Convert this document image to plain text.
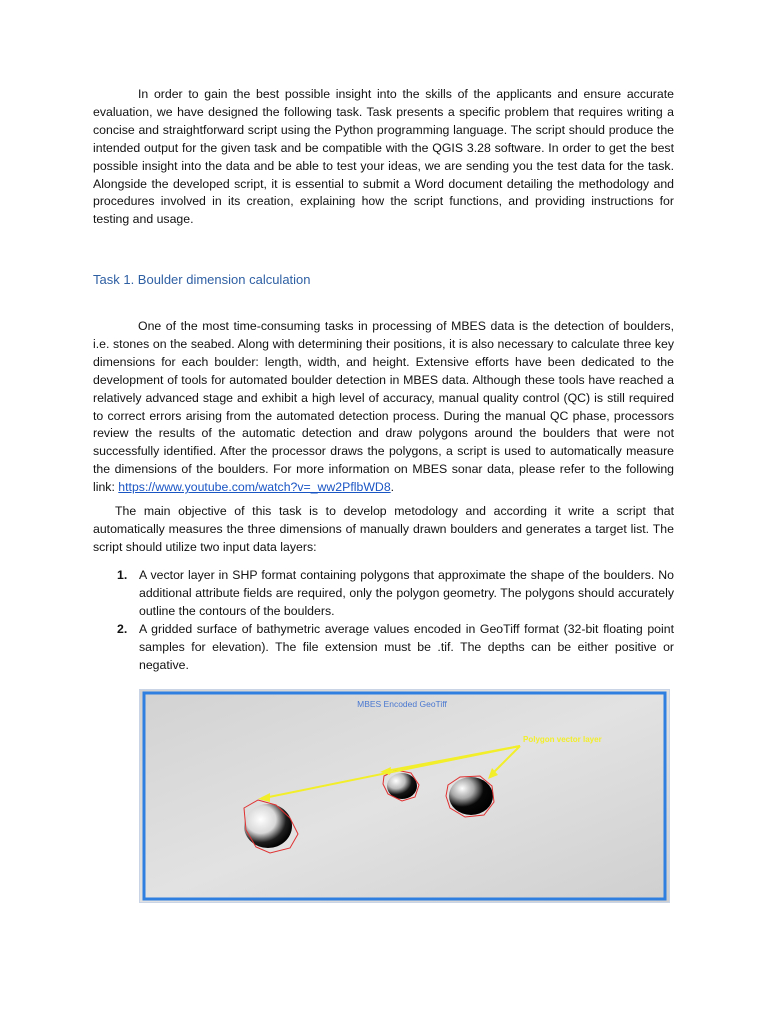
In order to gain the best possible insight into the skills of the applicants and ensure accurate evaluation, we have designed the following task. Task presents a specific problem that requires writing a concise and straightforward script using the Python programming language. The script should produce the intended output for the given task and be compatible with the QGIS 3.28 software. In order to get the best possible insight into the data and be able to test your ideas, we are sending you the test data for the task. Alongside the developed script, it is essential to submit a Word document detailing the methodology and procedures involved in its creation, explaining how the script functions, and providing instructions for testing and usage.

Task 1. Boulder dimension calculation

One of the most time-consuming tasks in processing of MBES data is the detection of boulders, i.e. stones on the seabed. Along with determining their positions, it is also necessary to calculate three key dimensions for each boulder: length, width, and height. Extensive efforts have been dedicated to the development of tools for automated boulder detection in MBES data. Although these tools have reached a relatively advanced stage and exhibit a high level of accuracy, manual quality control (QC) is still required to correct errors arising from the automated detection process. During the manual QC phase, processors review the results of the automatic detection and draw polygons around the boulders that were not successfully identified. After the processor draws the polygons, a script is used to automatically measure the dimensions of the boulders. For more information on MBES sonar data, please refer to the following link: https://www.youtube.com/watch?v=_ww2PflbWD8.

The main objective of this task is to develop metodology and according it write a script that automatically measures the three dimensions of manually drawn boulders and generates a target list. The script should utilize two input data layers:

1. A vector layer in SHP format containing polygons that approximate the shape of the boulders. No additional attribute fields are required, only the polygon geometry. The polygons should accurately outline the contours of the boulders.
2. A gridded surface of bathymetric average values encoded in GeoTiff format (32-bit floating point samples for elevation). The file extension must be .tif. The depths can be either positive or negative.
MBES Encoded GeoTiff
Polygon vector layer
